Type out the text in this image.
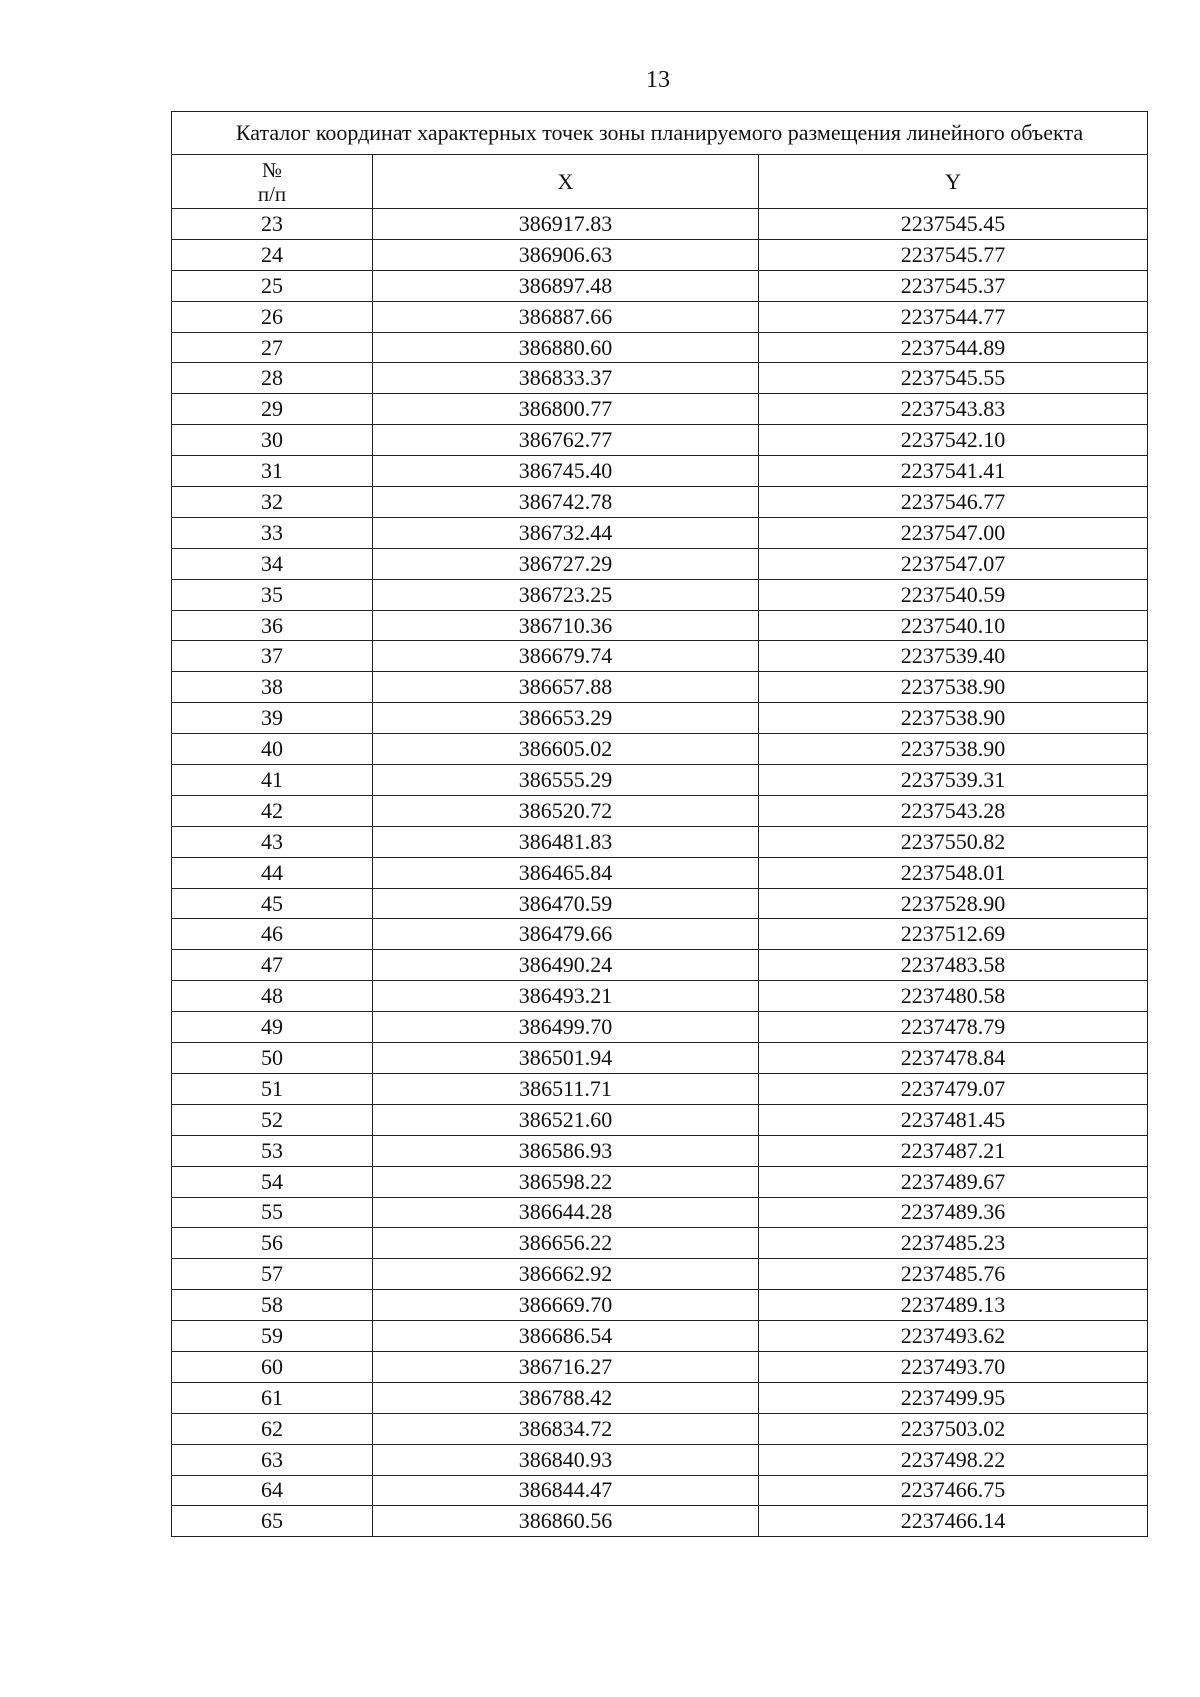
13
Каталог координат характерных точек зоны планируемого размещения линейного объекта		
№
п/п	X	Y
23	386917.83	2237545.45
24	386906.63	2237545.77
25	386897.48	2237545.37
26	386887.66	2237544.77
27	386880.60	2237544.89
28	386833.37	2237545.55
29	386800.77	2237543.83
30	386762.77	2237542.10
31	386745.40	2237541.41
32	386742.78	2237546.77
33	386732.44	2237547.00
34	386727.29	2237547.07
35	386723.25	2237540.59
36	386710.36	2237540.10
37	386679.74	2237539.40
38	386657.88	2237538.90
39	386653.29	2237538.90
40	386605.02	2237538.90
41	386555.29	2237539.31
42	386520.72	2237543.28
43	386481.83	2237550.82
44	386465.84	2237548.01
45	386470.59	2237528.90
46	386479.66	2237512.69
47	386490.24	2237483.58
48	386493.21	2237480.58
49	386499.70	2237478.79
50	386501.94	2237478.84
51	386511.71	2237479.07
52	386521.60	2237481.45
53	386586.93	2237487.21
54	386598.22	2237489.67
55	386644.28	2237489.36
56	386656.22	2237485.23
57	386662.92	2237485.76
58	386669.70	2237489.13
59	386686.54	2237493.62
60	386716.27	2237493.70
61	386788.42	2237499.95
62	386834.72	2237503.02
63	386840.93	2237498.22
64	386844.47	2237466.75
65	386860.56	2237466.14
